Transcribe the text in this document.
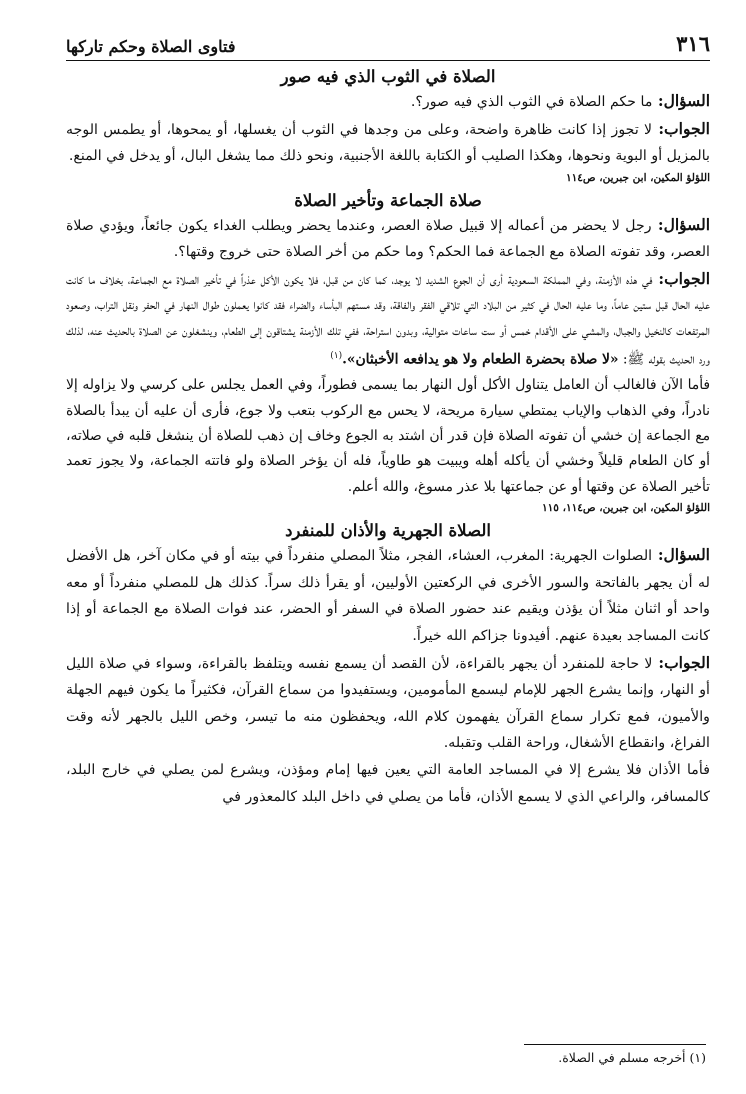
٣١٦
فتاوى الصلاة وحكم تاركها
الصلاة في الثوب الذي فيه صور

السؤال: ما حكم الصلاة في الثوب الذي فيه صور؟.

الجواب: لا تجوز إذا كانت ظاهرة واضحة، وعلى من وجدها في الثوب أن يغسلها، أو يمحوها، أو يطمس الوجه بالمزيل أو البوية ونحوها، وهكذا الصليب أو الكتابة باللغة الأجنبية، ونحو ذلك مما يشغل البال، أو يدخل في المنع.

اللؤلؤ المكين، ابن جبرين، ص١١٤
صلاة الجماعة وتأخير الصلاة

السؤال: رجل لا يحضر من أعماله إلا قبيل صلاة العصر، وعندما يحضر ويطلب الغداء يكون جائعاً، ويؤدي صلاة العصر، وقد تفوته الصلاة مع الجماعة فما الحكم؟ وما حكم من أخر الصلاة حتى خروج وقتها؟.

الجواب: في هذه الأزمنة، وفي المملكة السعودية أرى أن الجوع الشديد لا يوجد، كما كان من قبل، فلا يكون الأكل عذراً في تأخير الصلاة مع الجماعة، بخلاف ما كانت عليه الحال قبل ستين عاماً، وما عليه الحال في كثير من البلاد التي تلاقي الفقر والفاقة، وقد مستهم البأساء والضراء فقد كانوا يعملون طوال النهار في الحفر ونقل التراب، وصعود المرتفعات كالنخيل والجبال، والمشي على الأقدام خمس أو ست ساعات متوالية، وبدون استراحة، ففي تلك الأزمنة يشتاقون إلى الطعام، وينشغلون عن الصلاة بالحديث عنه، لذلك ورد الحديث بقوله ﷺ: «لا صلاة بحضرة الطعام ولا هو يدافعه الأخبثان».$^{(١)}$

فأما الآن فالغالب أن العامل يتناول الأكل أول النهار بما يسمى فطوراً، وفي العمل يجلس على كرسي ولا يزاوله إلا نادراً، وفي الذهاب والإياب يمتطي سيارة مريحة، لا يحس مع الركوب بتعب ولا جوع، فأرى أن عليه أن يبدأ بالصلاة مع الجماعة إن خشي أن تفوته الصلاة فإن قدر أن اشتد به الجوع وخاف إن ذهب للصلاة أن ينشغل قلبه في صلاته، أو كان الطعام قليلاً وخشي أن يأكله أهله ويبيت هو طاوياً، فله أن يؤخر الصلاة ولو فاتته الجماعة، ولا يجوز تعمد تأخير الصلاة عن وقتها أو عن جماعتها بلا عذر مسوغ، والله أعلم.

اللؤلؤ المكين، ابن جبرين، ص١١٤، ١١٥
الصلاة الجهرية والأذان للمنفرد

السؤال: الصلوات الجهرية: المغرب، العشاء، الفجر، مثلاً المصلي منفرداً في بيته أو في مكان آخر، هل الأفضل له أن يجهر بالفاتحة والسور الأخرى في الركعتين الأوليين، أو يقرأ ذلك سراً. كذلك هل للمصلي منفرداً أو معه واحد أو اثنان مثلاً أن يؤذن ويقيم عند حضور الصلاة في السفر أو الحضر، عند فوات الصلاة مع الجماعة أو إذا كانت المساجد بعيدة عنهم. أفيدونا جزاكم الله خيراً.

الجواب: لا حاجة للمنفرد أن يجهر بالقراءة، لأن القصد أن يسمع نفسه ويتلفظ بالقراءة، وسواء في صلاة الليل أو النهار، وإنما يشرع الجهر للإمام ليسمع المأمومين، ويستفيدوا من سماع القرآن، فكثيراً ما يكون فيهم الجهلة والأميون، فمع تكرار سماع القرآن يفهمون كلام الله، ويحفظون منه ما تيسر، وخص الليل بالجهر لأنه وقت الفراغ، وانقطاع الأشغال، وراحة القلب وتقبله.

فأما الأذان فلا يشرع إلا في المساجد العامة التي يعين فيها إمام ومؤذن، ويشرع لمن يصلي في خارج البلد، كالمسافر، والراعي الذي لا يسمع الأذان، فأما من يصلي في داخل البلد كالمعذور في

(١) أخرجه مسلم في الصلاة.
